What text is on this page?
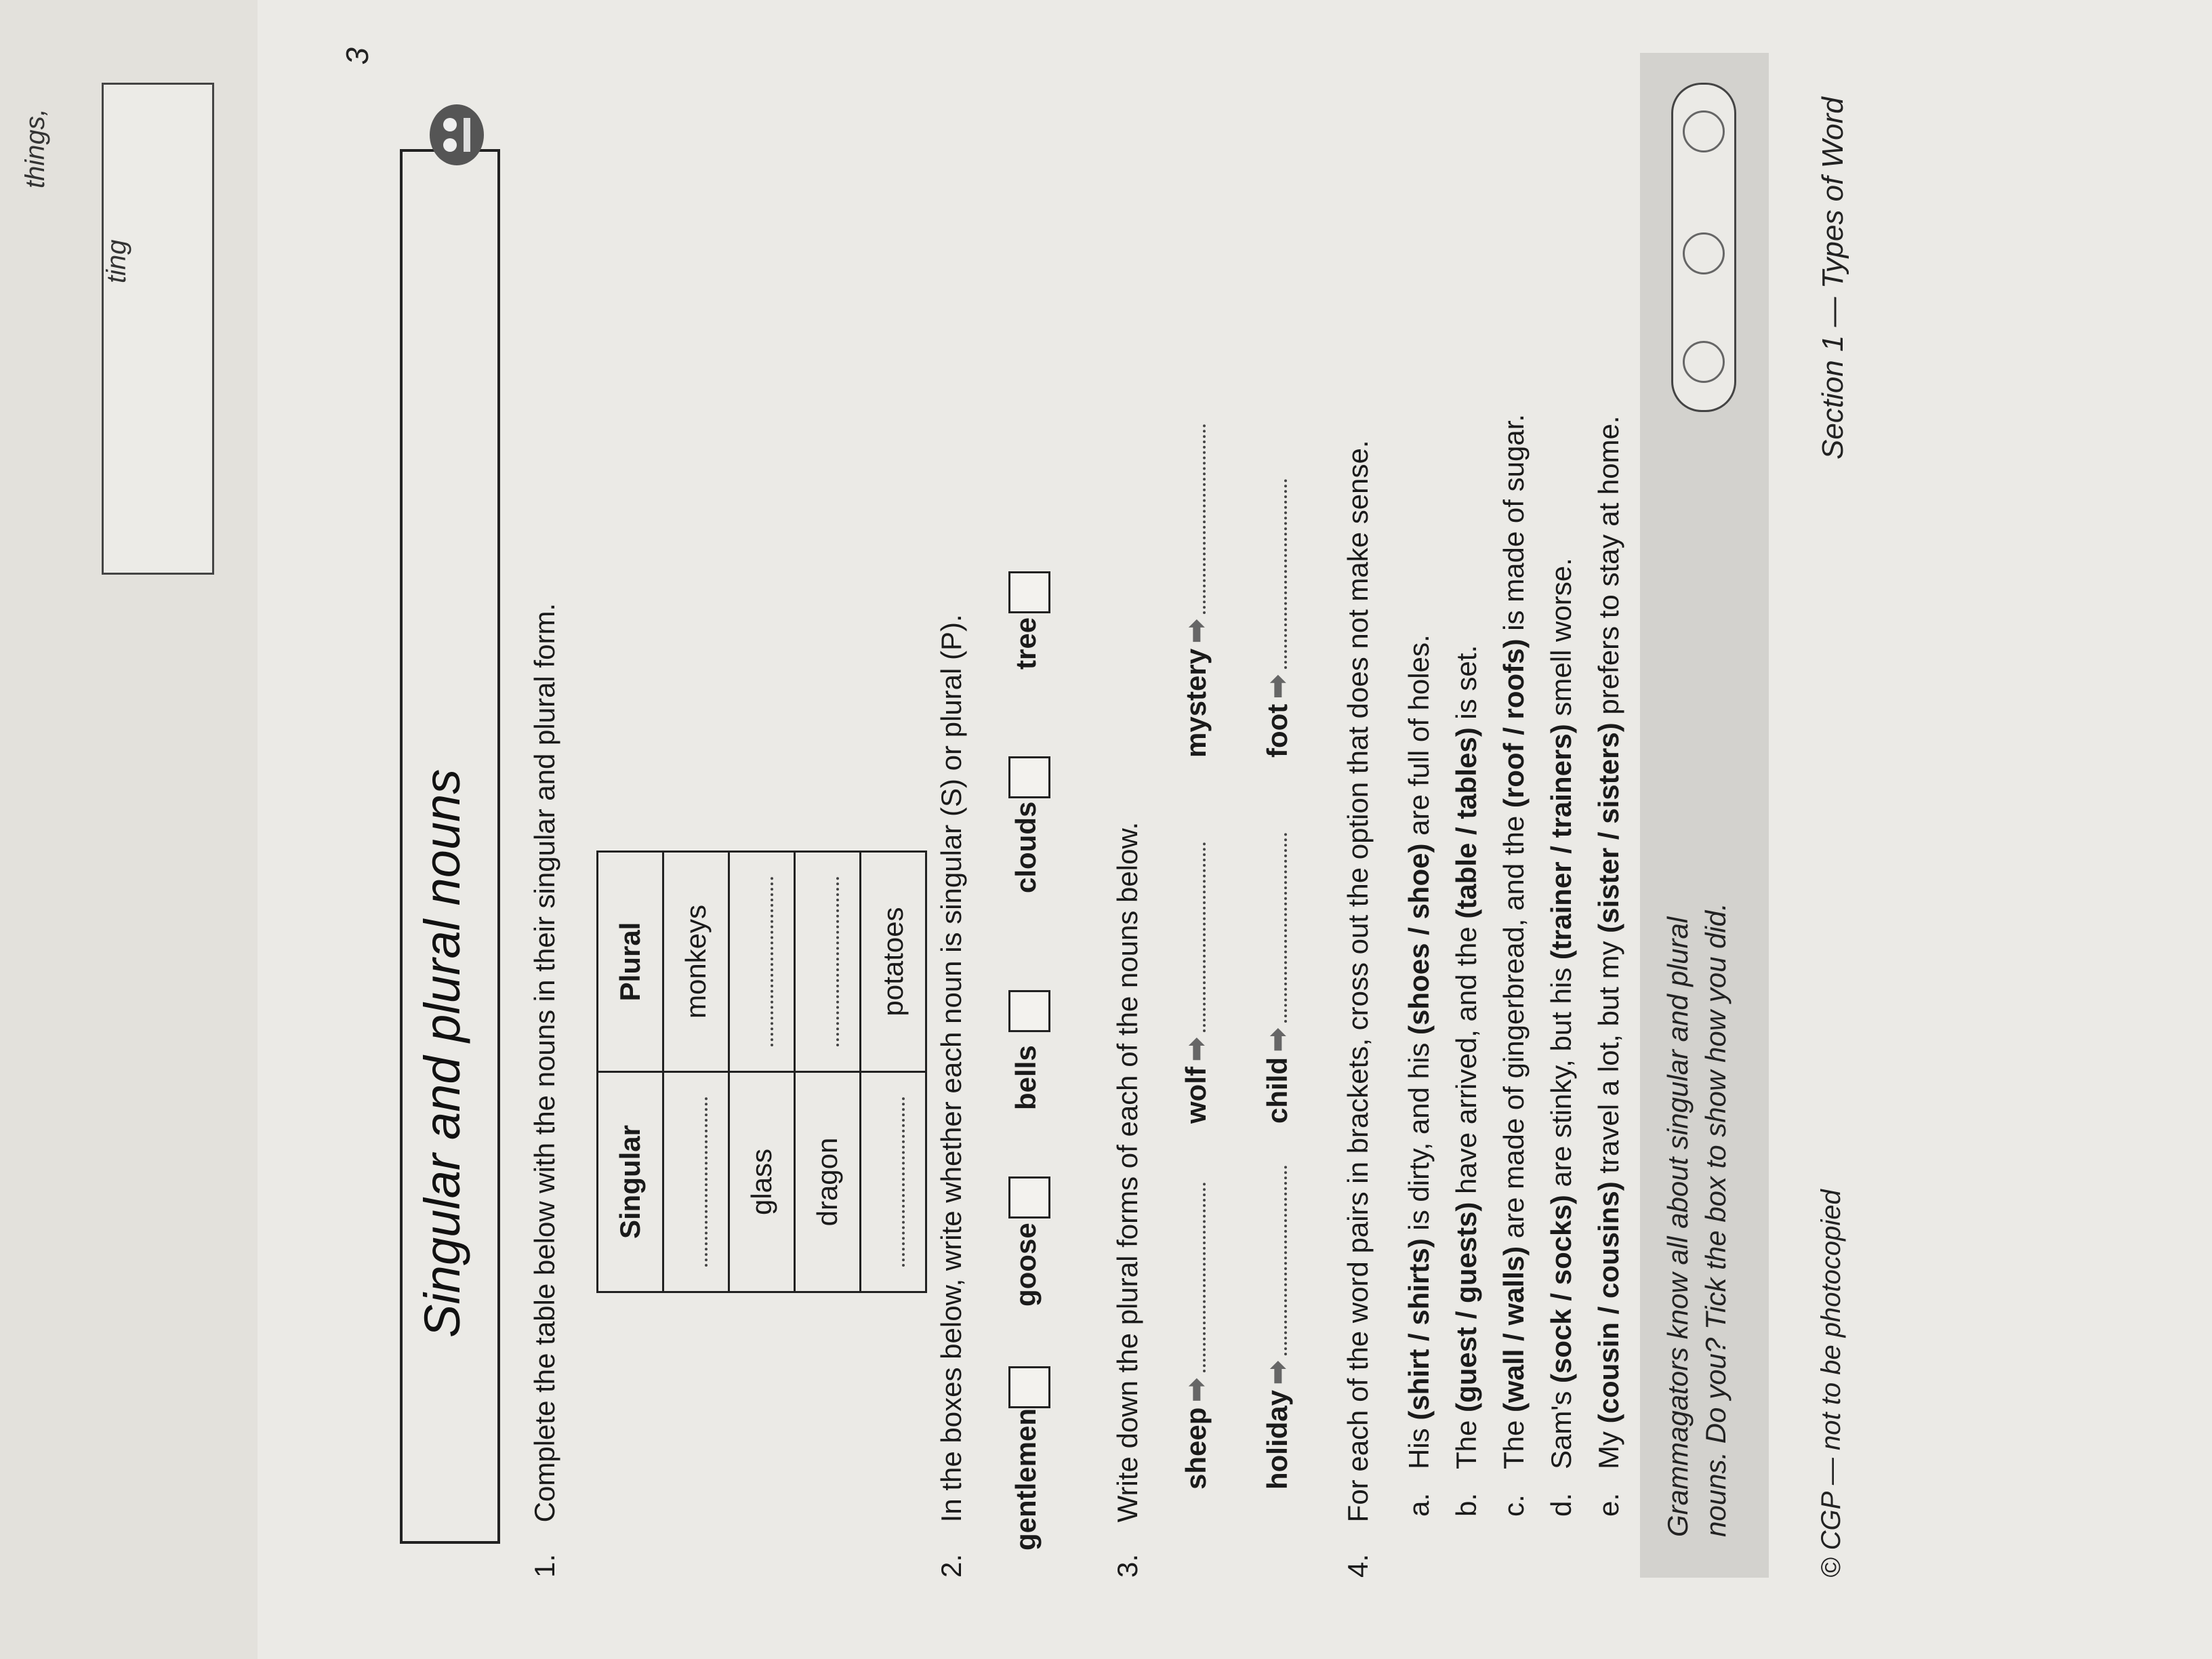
things,
ting
3
Singular and plural nouns
1. Complete the table below with the nouns in their singular and plural form. Singular	Plural
	monkeys
glass	
dragon	
	potatoes
2. In the boxes below, write whether each noun is singular (S) or plural (P). tree
clouds
bells
goose
gentlemen
3. Write down the plural forms of each of the nouns below.
mystery➡
wolf➡
sheep➡
foot➡
child➡
holiday➡
4. For each of the word pairs in brackets, cross out the option that does not make sense. a.His (shirt / shirts) is dirty, and his (shoes / shoe) are full of holes.
b.The (guest / guests) have arrived, and the (table / tables) is set.
c.The (wall / walls) are made of gingerbread, and the (roof / roofs) is made of sugar.
d.Sam's (sock / socks) are stinky, but his (trainer / trainers) smell worse.
e.My (cousin / cousins) travel a lot, but my (sister / sisters) prefers to stay at home.
Grammagators know all about singular and plural nouns. Do you? Tick the box to show how you did.	© CGP — not to be photocopied
Section 1 — Types of Word
